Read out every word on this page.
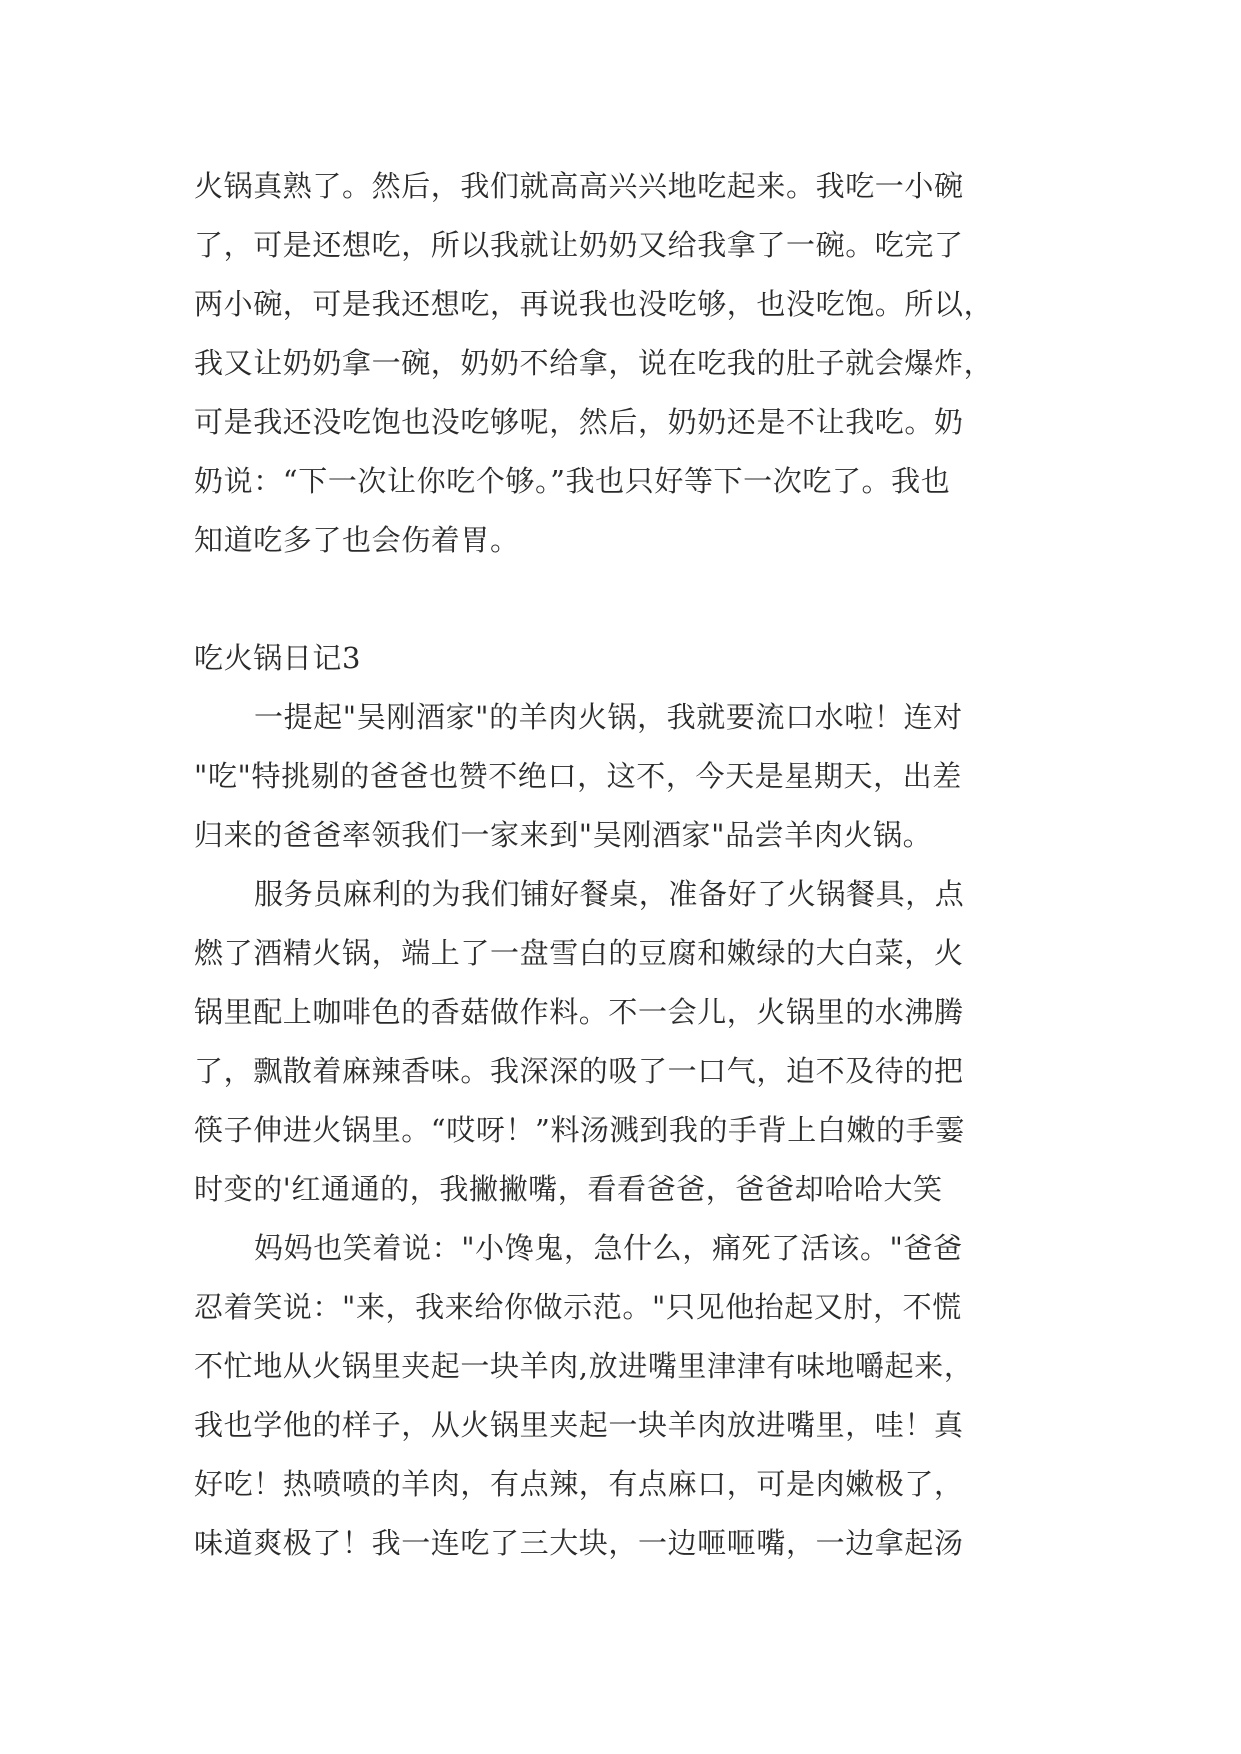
火锅真熟了。然后，我们就高高兴兴地吃起来。我吃一小碗
了，可是还想吃，所以我就让奶奶又给我拿了一碗。吃完了
两小碗，可是我还想吃，再说我也没吃够，也没吃饱。所以，
我又让奶奶拿一碗，奶奶不给拿，说在吃我的肚子就会爆炸，
可是我还没吃饱也没吃够呢，然后，奶奶还是不让我吃。奶
奶说：“下一次让你吃个够。”我也只好等下一次吃了。我也
知道吃多了也会伤着胃。
吃火锅日记3
一提起"吴刚酒家"的羊肉火锅，我就要流口水啦！连对
"吃"特挑剔的爸爸也赞不绝口，这不，今天是星期天，出差
归来的爸爸率领我们一家来到"吴刚酒家"品尝羊肉火锅。
服务员麻利的为我们铺好餐桌，准备好了火锅餐具，点
燃了酒精火锅，端上了一盘雪白的豆腐和嫩绿的大白菜，火
锅里配上咖啡色的香菇做作料。不一会儿，火锅里的水沸腾
了，飘散着麻辣香味。我深深的吸了一口气，迫不及待的把
筷子伸进火锅里。“哎呀！”料汤溅到我的手背上白嫩的手霎
时变的'红通通的，我撇撇嘴，看看爸爸，爸爸却哈哈大笑
妈妈也笑着说："小馋鬼，急什么，痛死了活该。"爸爸
忍着笑说："来，我来给你做示范。"只见他抬起又肘，不慌
不忙地从火锅里夹起一块羊肉,放进嘴里津津有味地嚼起来，
我也学他的样子，从火锅里夹起一块羊肉放进嘴里，哇！真
好吃！热喷喷的羊肉，有点辣，有点麻口，可是肉嫩极了，
味道爽极了！我一连吃了三大块，一边咂咂嘴，一边拿起汤
